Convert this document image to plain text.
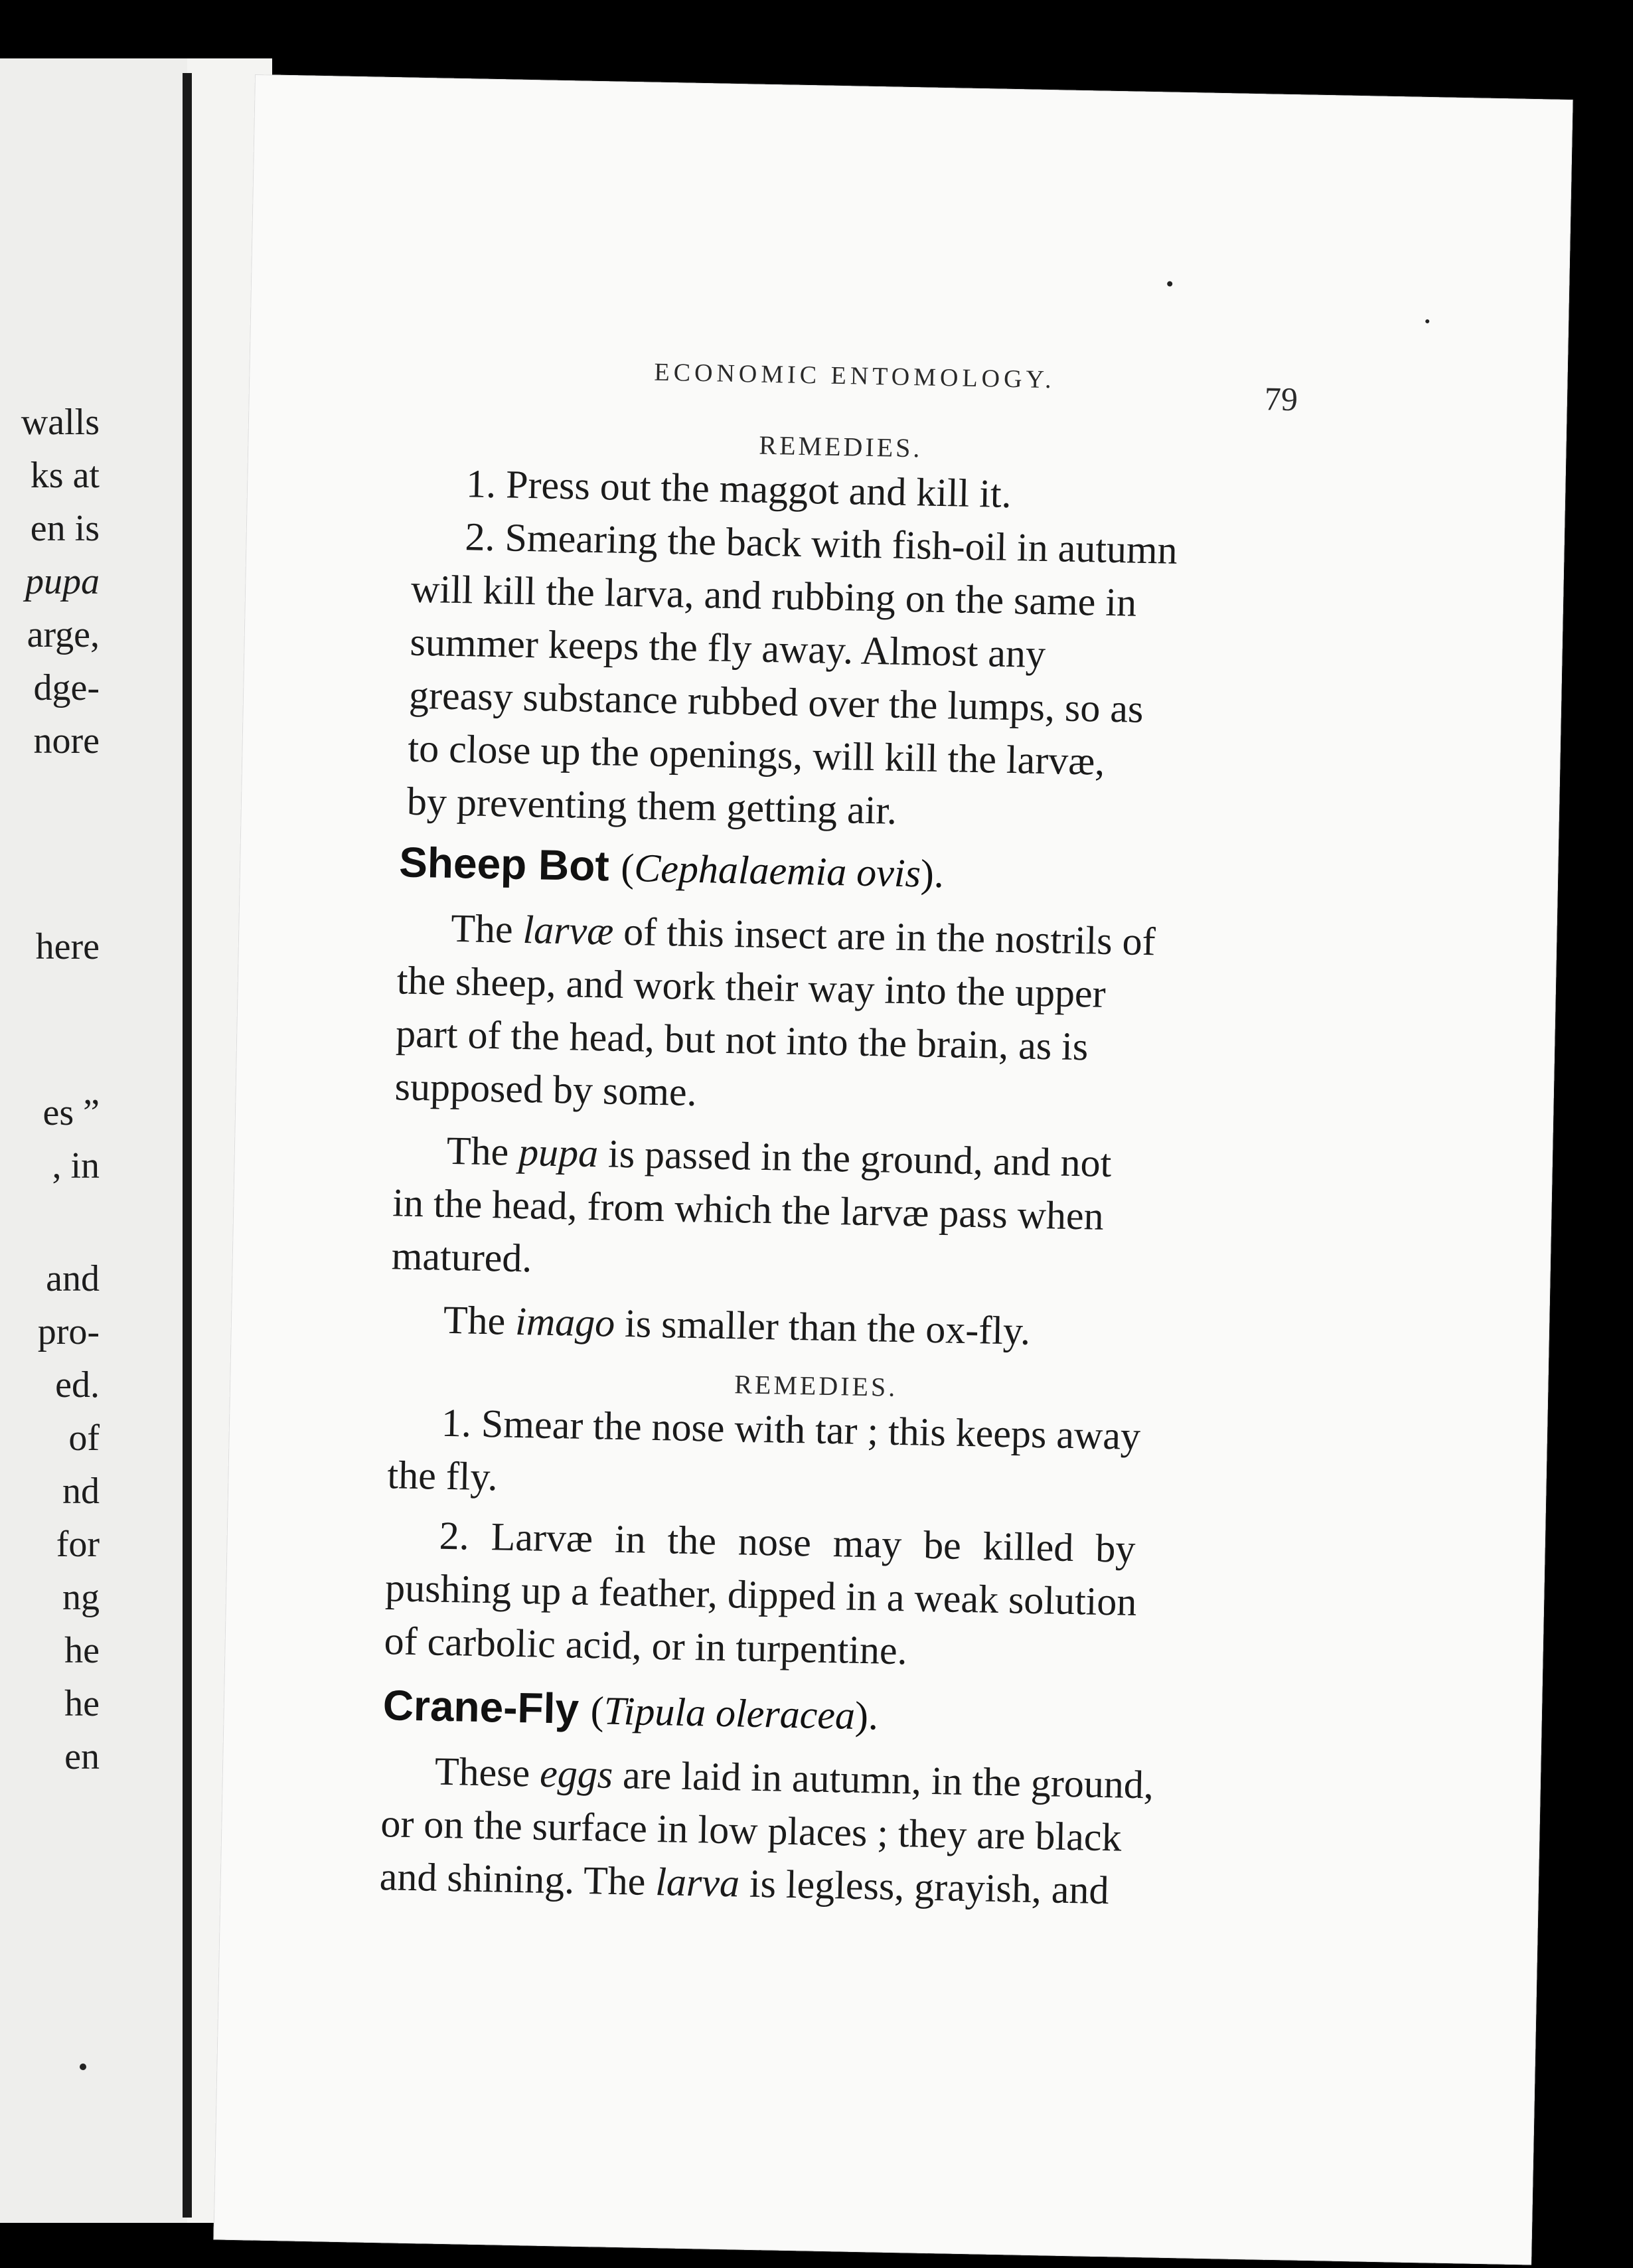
walls
ks at
en is
pupa
arge,
dge-
nore
here
es ”
, in
and
pro-
ed.
of
nd
for
ng
he
he
en
ECONOMIC ENTOMOLOGY.
79
REMEDIES.
1. Press out the maggot and kill it.
2. Smearing the back with fish-oil in autumn
will kill the larva, and rubbing on the same in
summer keeps the fly away. Almost any
greasy substance rubbed over the lumps, so as
to close up the openings, will kill the larvæ,
by preventing them getting air.
Sheep Bot (Cephalaemia ovis).
The larvæ of this insect are in the nostrils of
the sheep, and work their way into the upper
part of the head, but not into the brain, as is
supposed by some.
The pupa is passed in the ground, and not
in the head, from which the larvæ pass when
matured.
The imago is smaller than the ox-fly.
REMEDIES.
1. Smear the nose with tar ; this keeps away
the fly.
2. Larvæ in the nose may be killed by
pushing up a feather, dipped in a weak solution
of carbolic acid, or in turpentine.
Crane-Fly (Tipula oleracea).
These eggs are laid in autumn, in the ground,
or on the surface in low places ; they are black
and shining. The larva is legless, grayish, and
